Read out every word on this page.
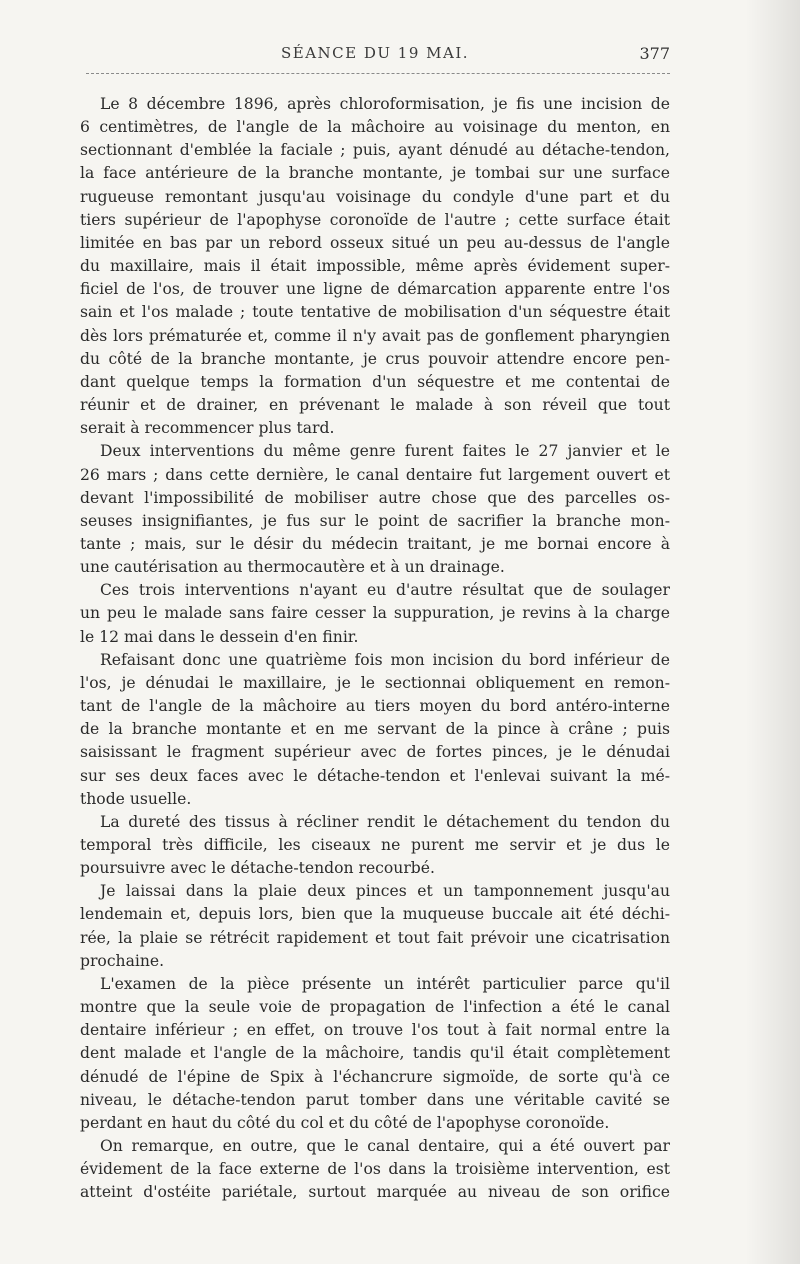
SÉANCE DU 19 MAI.	377
Le 8 décembre 1896, après chloroformisation, je fis une incision de
6 centimètres, de l'angle de la mâchoire au voisinage du menton, en
sectionnant d'emblée la faciale ; puis, ayant dénudé au détache-tendon,
la face antérieure de la branche montante, je tombai sur une surface
rugueuse remontant jusqu'au voisinage du condyle d'une part et du
tiers supérieur de l'apophyse coronoïde de l'autre ; cette surface était
limitée en bas par un rebord osseux situé un peu au-dessus de l'angle
du maxillaire, mais il était impossible, même après évidement super-
ficiel de l'os, de trouver une ligne de démarcation apparente entre l'os
sain et l'os malade ; toute tentative de mobilisation d'un séquestre était
dès lors prématurée et, comme il n'y avait pas de gonflement pharyngien
du côté de la branche montante, je crus pouvoir attendre encore pen-
dant quelque temps la formation d'un séquestre et me contentai de
réunir et de drainer, en prévenant le malade à son réveil que tout
serait à recommencer plus tard.
Deux interventions du même genre furent faites le 27 janvier et le
26 mars ; dans cette dernière, le canal dentaire fut largement ouvert et
devant l'impossibilité de mobiliser autre chose que des parcelles os-
seuses insignifiantes, je fus sur le point de sacrifier la branche mon-
tante ; mais, sur le désir du médecin traitant, je me bornai encore à
une cautérisation au thermocautère et à un drainage.
Ces trois interventions n'ayant eu d'autre résultat que de soulager
un peu le malade sans faire cesser la suppuration, je revins à la charge
le 12 mai dans le dessein d'en finir.
Refaisant donc une quatrième fois mon incision du bord inférieur de
l'os, je dénudai le maxillaire, je le sectionnai obliquement en remon-
tant de l'angle de la mâchoire au tiers moyen du bord antéro-interne
de la branche montante et en me servant de la pince à crâne ; puis
saisissant le fragment supérieur avec de fortes pinces, je le dénudai
sur ses deux faces avec le détache-tendon et l'enlevai suivant la mé-
thode usuelle.
La dureté des tissus à récliner rendit le détachement du tendon du
temporal très difficile, les ciseaux ne purent me servir et je dus le
poursuivre avec le détache-tendon recourbé.
Je laissai dans la plaie deux pinces et un tamponnement jusqu'au
lendemain et, depuis lors, bien que la muqueuse buccale ait été déchi-
rée, la plaie se rétrécit rapidement et tout fait prévoir une cicatrisation
prochaine.
L'examen de la pièce présente un intérêt particulier parce qu'il
montre que la seule voie de propagation de l'infection a été le canal
dentaire inférieur ; en effet, on trouve l'os tout à fait normal entre la
dent malade et l'angle de la mâchoire, tandis qu'il était complètement
dénudé de l'épine de Spix à l'échancrure sigmoïde, de sorte qu'à ce
niveau, le détache-tendon parut tomber dans une véritable cavité se
perdant en haut du côté du col et du côté de l'apophyse coronoïde.
On remarque, en outre, que le canal dentaire, qui a été ouvert par
évidement de la face externe de l'os dans la troisième intervention, est
atteint d'ostéite pariétale, surtout marquée au niveau de son orifice
